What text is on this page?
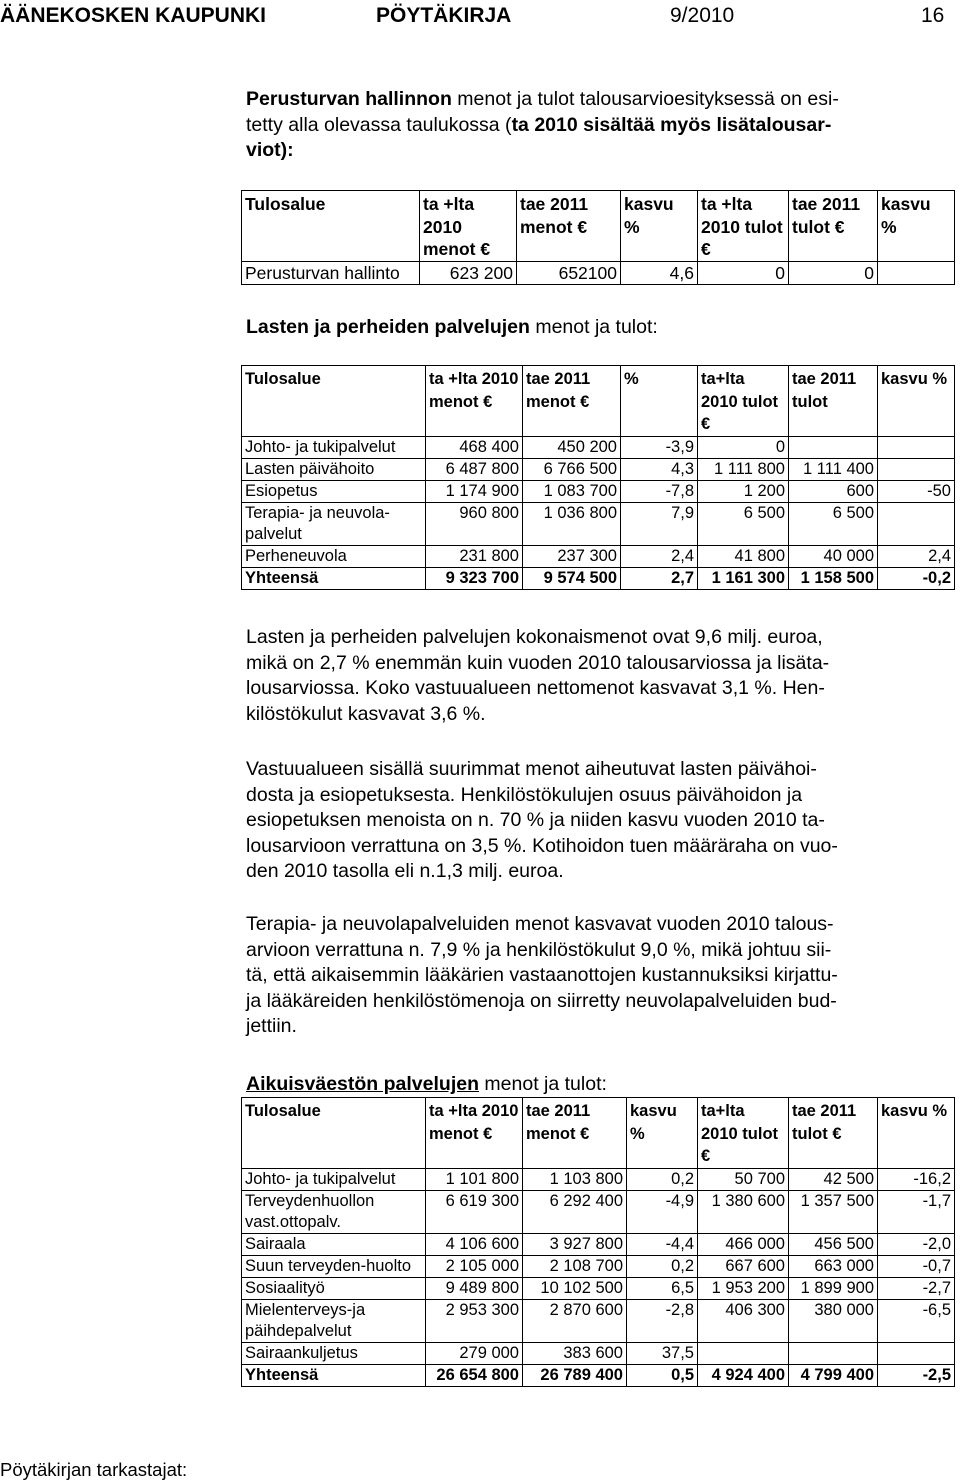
ÄÄNEKOSKEN KAUPUNKI	PÖYTÄKIRJA	9/2010	16
Perusturvan hallinnon menot ja tulot talousarvioesityksessä on esi-
tetty alla olevassa taulukossa (ta 2010 sisältää myös lisätalousar-
viot):
Tulosalue	ta +lta 2010 menot €	tae 2011 menot €	kasvu %	ta +lta 2010 tulot €	tae 2011 tulot €	kasvu %
Perusturvan hallinto	623 200	652100	4,6	0	0	
Lasten ja perheiden palvelujen menot ja tulot:
Tulosalue	ta +lta 2010 menot €	tae 2011 menot €	%	ta+lta 2010 tulot €	tae 2011 tulot	kasvu %
Johto- ja tukipalvelut	468 400	450 200	-3,9	0		
Lasten päivähoito	6 487 800	6 766 500	4,3	1 111 800	1 111 400	
Esiopetus	1 174 900	1 083 700	-7,8	1 200	600	-50
Terapia- ja neuvola-palvelut	960 800	1 036 800	7,9	6 500	6 500	
Perheneuvola	231 800	237 300	2,4	41 800	40 000	2,4
Yhteensä	9 323 700	9 574 500	2,7	1 161 300	1 158 500	-0,2
Lasten ja perheiden palvelujen kokonaismenot ovat 9,6 milj. euroa,
mikä on 2,7 % enemmän kuin vuoden 2010 talousarviossa ja lisäta-
lousarviossa. Koko vastuualueen nettomenot kasvavat 3,1 %. Hen-
kilöstökulut kasvavat 3,6 %.
Vastuualueen sisällä suurimmat menot aiheutuvat lasten päivähoi-
dosta ja esiopetuksesta. Henkilöstökulujen osuus päivähoidon ja
esiopetuksen menoista on n. 70 % ja niiden kasvu vuoden 2010 ta-
lousarvioon verrattuna on 3,5 %. Kotihoidon tuen määräraha on vuo-
den 2010 tasolla eli n.1,3 milj. euroa.
Terapia- ja neuvolapalveluiden menot kasvavat vuoden 2010 talous-
arvioon verrattuna n. 7,9 % ja henkilöstökulut 9,0 %, mikä johtuu sii-
tä, että aikaisemmin lääkärien vastaanottojen kustannuksiksi kirjattu-
ja lääkäreiden henkilöstömenoja on siirretty neuvolapalveluiden bud-
jettiin.
Aikuisväestön palvelujen menot ja tulot:
Tulosalue	ta +lta 2010 menot €	tae 2011 menot €	kasvu %	ta+lta 2010 tulot €	tae 2011 tulot €	kasvu %
Johto- ja tukipalvelut	1 101 800	1 103 800	0,2	50 700	42 500	-16,2
Terveydenhuollon vast.ottopalv.	6 619 300	6 292 400	-4,9	1 380 600	1 357 500	-1,7
Sairaala	4 106 600	3 927 800	-4,4	466 000	456 500	-2,0
Suun terveyden-huolto	2 105 000	2 108 700	0,2	667 600	663 000	-0,7
Sosiaalityö	9 489 800	10 102 500	6,5	1 953 200	1 899 900	-2,7
Mielenterveys-ja päihdepalvelut	2 953 300	2 870 600	-2,8	406 300	380 000	-6,5
Sairaankuljetus	279 000	383 600	37,5			
Yhteensä	26 654 800	26 789 400	0,5	4 924 400	4 799 400	-2,5
Pöytäkirjan tarkastajat:
